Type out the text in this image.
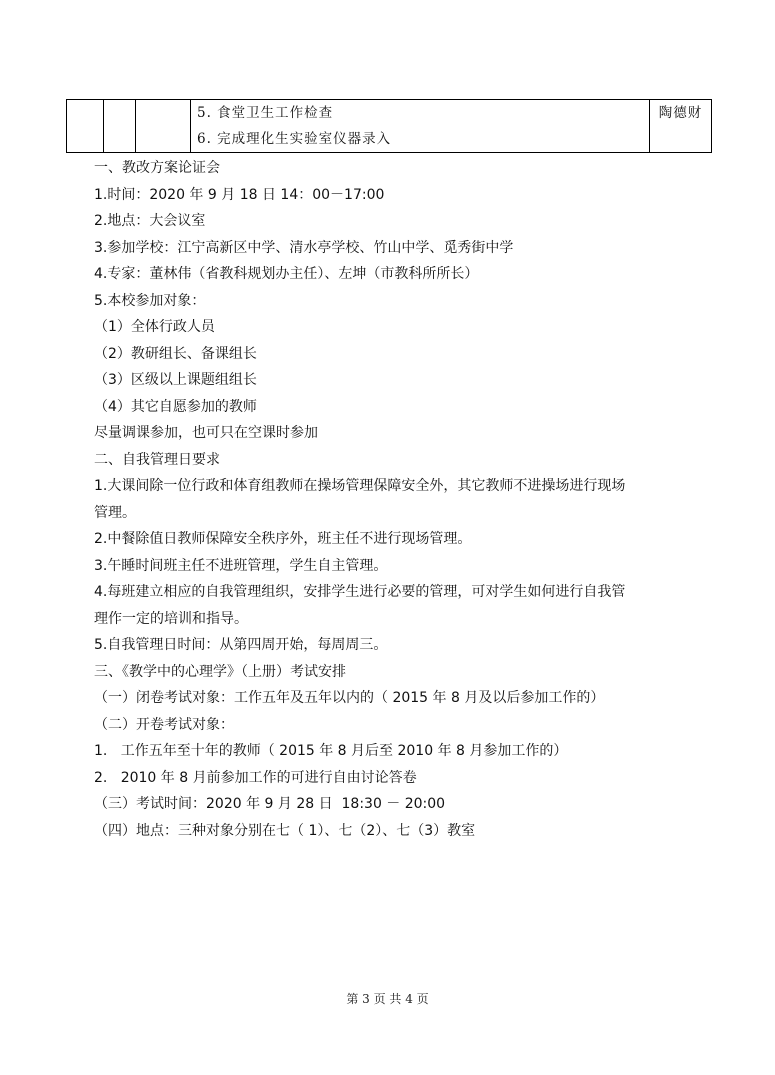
5. 食堂卫生工作检查
6. 完成理化生实验室仪器录入
	陶德财
一、教改方案论证会
1.时间：2020 年 9 月 18 日 14：00－17:00
2.地点：大会议室
3.参加学校：江宁高新区中学、清水亭学校、竹山中学、觅秀街中学
4.专家：董林伟（省教科规划办主任）、左坤（市教科所所长）
5.本校参加对象：
（1）全体行政人员
（2）教研组长、备课组长
（3）区级以上课题组组长
（4）其它自愿参加的教师
尽量调课参加，也可只在空课时参加
二、自我管理日要求
1.大课间除一位行政和体育组教师在操场管理保障安全外，其它教师不进操场进行现场
管理。
2.中餐除值日教师保障安全秩序外，班主任不进行现场管理。
3.午睡时间班主任不进班管理，学生自主管理。
4.每班建立相应的自我管理组织，安排学生进行必要的管理，可对学生如何进行自我管
理作一定的培训和指导。
5.自我管理日时间：从第四周开始，每周周三。
三、《教学中的心理学》（上册）考试安排
（一）闭卷考试对象：工作五年及五年以内的（ 2015 年 8 月及以后参加工作的）
（二）开卷考试对象：
1.   工作五年至十年的教师（ 2015 年 8 月后至 2010 年 8 月参加工作的）
2.   2010 年 8 月前参加工作的可进行自由讨论答卷
（三）考试时间：2020 年 9 月 28 日  18:30 － 20:00
（四）地点：三种对象分别在七（ 1）、七（2）、七（3）教室
第 3 页 共 4 页
